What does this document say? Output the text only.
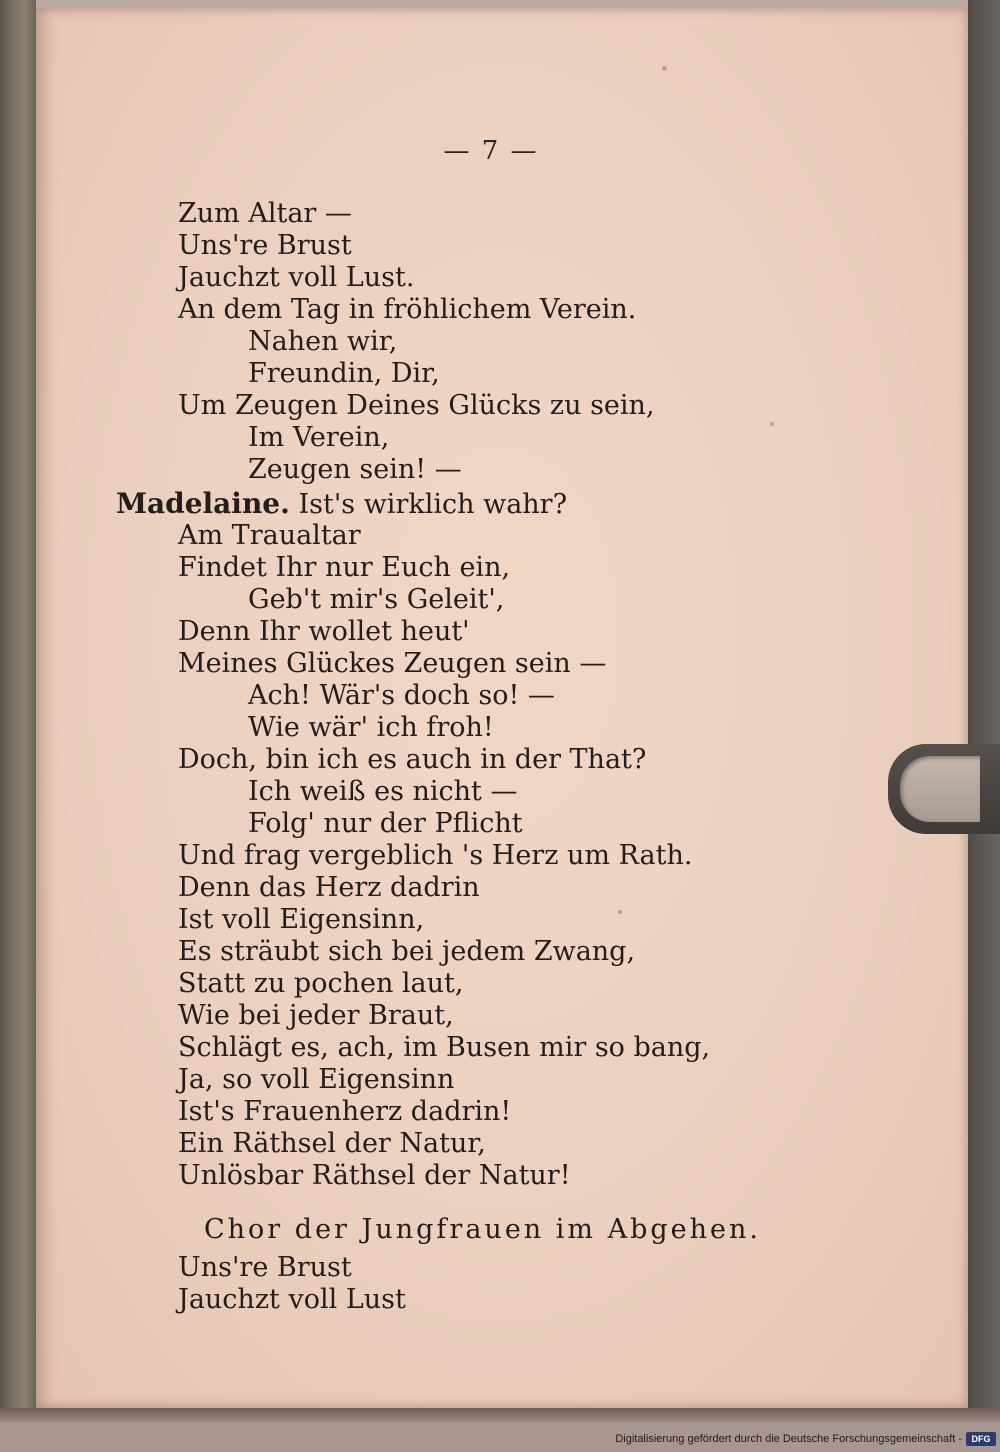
— 7 —
Zum Altar —
Uns're Brust
Jauchzt voll Lust.
An dem Tag in fröhlichem Verein.
Nahen wir,
Freundin, Dir,
Um Zeugen Deines Glücks zu sein,
Im Verein,
Zeugen sein! —
Madelaine. Ist's wirklich wahr?
Am Traualtar
Findet Ihr nur Euch ein,
Geb't mir's Geleit',
Denn Ihr wollet heut'
Meines Glückes Zeugen sein —
Ach! Wär's doch so! —
Wie wär' ich froh!
Doch, bin ich es auch in der That?
Ich weiß es nicht —
Folg' nur der Pflicht
Und frag vergeblich 's Herz um Rath.
Denn das Herz dadrin
Ist voll Eigensinn,
Es sträubt sich bei jedem Zwang,
Statt zu pochen laut,
Wie bei jeder Braut,
Schlägt es, ach, im Busen mir so bang,
Ja, so voll Eigensinn
Ist's Frauenherz dadrin!
Ein Räthsel der Natur,
Unlösbar Räthsel der Natur!
Chor der Jungfrauen im Abgehen.
Uns're Brust
Jauchzt voll Lust
Digitalisierung gefördert durch die Deutsche Forschungsgemeinschaft -	DFG
